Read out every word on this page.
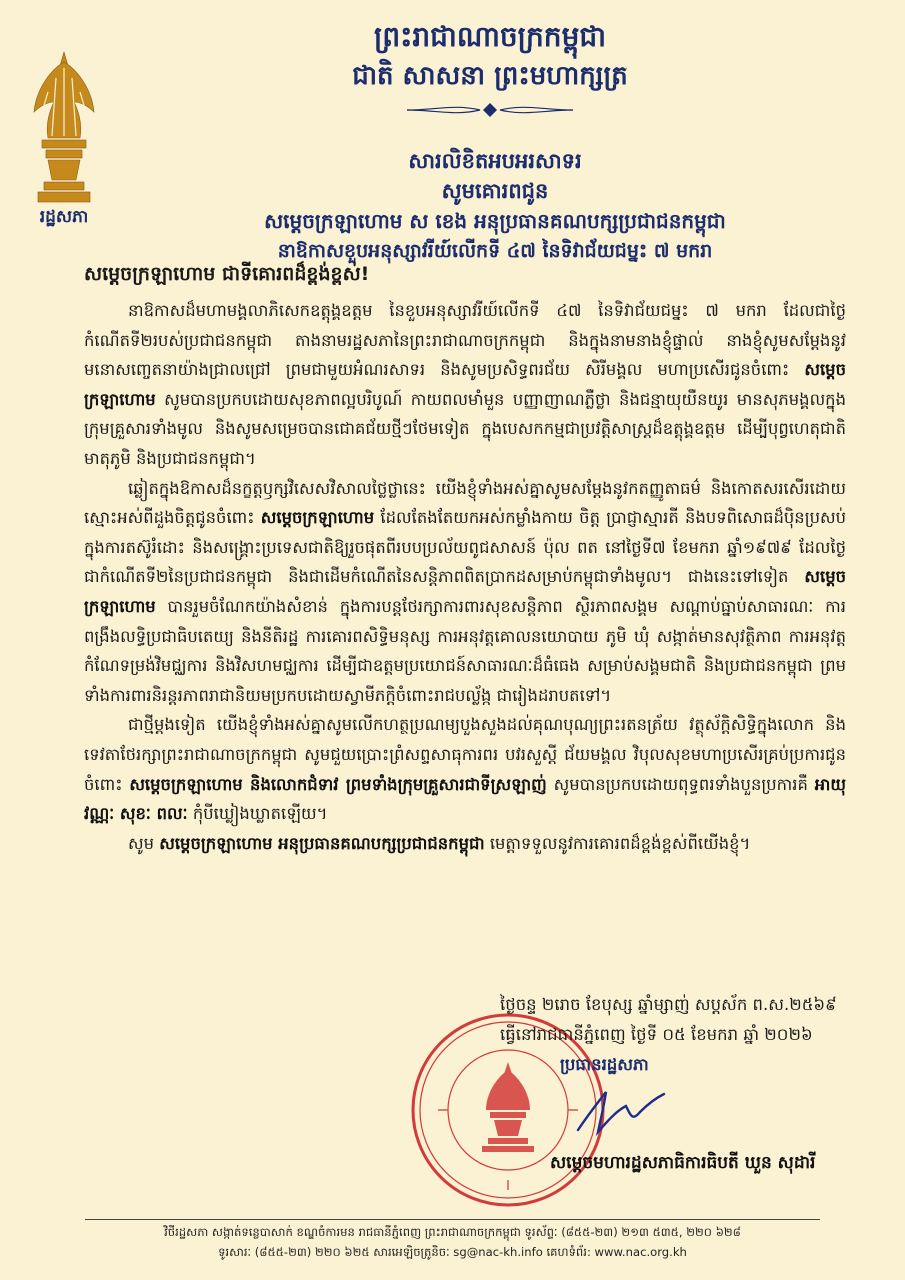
រដ្ឋសភា
ព្រះរាជាណាចក្រកម្ពុជា
ជាតិ សាសនា ព្រះមហាក្សត្រ
សារលិខិតអបអរសាទរ
សូមគោរពជូន
សម្តេចក្រឡាហោម ស ខេង អនុប្រធានគណបក្សប្រជាជនកម្ពុជា
នាឱកាសខួបអនុស្សាវរីយ៍លើកទី ៤៧ នៃទិវាជ័យជម្នះ ៧ មករា
សម្តេចក្រឡាហោម ជាទីគោរពដ៏ខ្ពង់ខ្ពស់!

នាឱកាសដ៏មហាមង្គលាភិសេកឧត្តុង្គឧត្តម នៃខួបអនុស្សាវរីយ៍លើកទី ៤៧ នៃទិវាជ័យជម្នះ ៧ មករា ដែលជាថ្ងៃកំណើតទី២របស់ប្រជាជនកម្ពុជា តាងនាមរដ្ឋសភានៃព្រះរាជាណាចក្រកម្ពុជា និងក្នុងនាមនាងខ្ញុំផ្ទាល់ នាងខ្ញុំសូមសម្តែងនូវមនោសញ្ចេតនាយ៉ាងជ្រាលជ្រៅ ព្រមជាមួយអំណរសាទរ និងសូមប្រសិទ្ធពរជ័យ សិរីមង្គល មហាប្រសើរជូនចំពោះ សម្តេចក្រឡាហោម សូមបានប្រកបដោយសុខភាពល្អបរិបូណ៍ កាយពលមាំមួន បញ្ញាញាណភ្លឺថ្លា និងជន្មាយុយឺនយូរ មានសុភមង្គលក្នុងក្រុមគ្រួសារទាំងមូល និងសូមសម្រេចបានជោគជ័យថ្មីៗថែមទៀត ក្នុងបេសកកម្មជាប្រវត្តិសាស្ត្រដ៏ឧត្តុង្គឧត្តម ដើម្បីបុព្វហេតុជាតិ មាតុភូមិ និងប្រជាជនកម្ពុជា។

ឆ្លៀតក្នុងឱកាសដ៏នក្ខត្តឫក្សវិសេសវិសាលថ្លៃថ្លានេះ យើងខ្ញុំទាំងអស់គ្នាសូមសម្តែងនូវកតញ្ញូតាធម៌ និងកោតសរសើរដោយស្មោះអស់ពីដួងចិត្តជូនចំពោះ សម្តេចក្រឡាហោម ដែលតែងតែយកអស់កម្លាំងកាយ ចិត្ត ប្រាជ្ញាស្មារតី និងបទពិសោធដ៏ប៉ិនប្រសប់ ក្នុងការតស៊ូរំដោះ និងសង្គ្រោះប្រទេសជាតិឱ្យរួចផុតពីរបបប្រល័យពូជសាសន៍ ប៉ុល ពត នៅថ្ងៃទី៧ ខែមករា ឆ្នាំ១៩៧៩ ដែលថ្ងៃជាកំណើតទី២នៃប្រជាជនកម្ពុជា និងជាដើមកំណើតនៃសន្តិភាពពិតប្រាកដសម្រាប់កម្ពុជាទាំងមូល។ ជាងនេះទៅទៀត សម្តេចក្រឡាហោម បានរួមចំណែកយ៉ាងសំខាន់ ក្នុងការបន្តថែរក្សាការពារសុខសន្តិភាព ស្ថិរភាពសង្គម សណ្តាប់ធ្នាប់សាធារណៈ ការពង្រឹងលទ្ធិប្រជាធិបតេយ្យ និងនីតិរដ្ឋ ការគោរពសិទ្ធិមនុស្ស ការអនុវត្តគោលនយោបាយ ភូមិ ឃុំ សង្កាត់មានសុវត្ថិភាព ការអនុវត្តកំណែទម្រង់វិមជ្ឈការ និងវិសហមជ្ឈការ ដើម្បីជាឧត្តមប្រយោជន៍សាធារណៈដ៏ធំធេង សម្រាប់សង្គមជាតិ និងប្រជាជនកម្ពុជា ព្រមទាំងការពារនិរន្តរភាពរាជានិយមប្រកបដោយស្វាមីភក្តិចំពោះរាជបល្ល័ង្ក ជារៀងដរាបតទៅ។

ជាថ្មីម្តងទៀត យើងខ្ញុំទាំងអស់គ្នាសូមលើកហត្ថប្រណម្យបួងសួងដល់គុណបុណ្យព្រះរតនត្រ័យ វត្ថុស័ក្តិសិទ្ធិក្នុងលោក និងទេវតាថែរក្សាព្រះរាជាណាចក្រកម្ពុជា សូមជួយប្រោះព្រំសព្ទសាធុការពរ បវរសួស្តី ជ័យមង្គល វិបុលសុខមហាប្រសើរគ្រប់ប្រការជូនចំពោះ សម្តេចក្រឡាហោម និងលោកជំទាវ ព្រមទាំងក្រុមគ្រួសារជាទីស្រឡាញ់ សូមបានប្រកបដោយពុទ្ធពរទាំងបួនប្រការគឺ អាយុ វណ្ណៈ សុខៈ ពលៈ កុំបីឃ្លៀងឃ្លាតឡើយ។

សូម សម្តេចក្រឡាហោម អនុប្រធានគណបក្សប្រជាជនកម្ពុជា មេត្តាទទួលនូវការគោរពដ៏ខ្ពង់ខ្ពស់ពីយើងខ្ញុំ។

ថ្ងៃចន្ទ ២រោច ខែបុស្ស ឆ្នាំម្សាញ់ សប្តស័ក ព.ស.២៥៦៩
ធ្វើនៅរាជធានីភ្នំពេញ ថ្ងៃទី ០៥ ខែមករា ឆ្នាំ ២០២៦
ប្រធានរដ្ឋសភា
សម្តេចមហារដ្ឋសភាធិការធិបតី ឃួន សុដារី
វិថីរដ្ឋសភា សង្កាត់ទន្លេបាសាក់ ខណ្ឌចំការមន រាជធានីភ្នំពេញ ព្រះរាជាណាចក្រកម្ពុជា ទូរស័ព្ទៈ (៨៥៥-២៣) ២១៣ ៥៣៥, ២២០ ៦២៨
ទូរសារៈ (៨៥៥-២៣) ២២០ ៦២៥ សារអេឡិចត្រូនិចៈ sg@nac-kh.info គេហទំព័រ: www.nac.org.kh
